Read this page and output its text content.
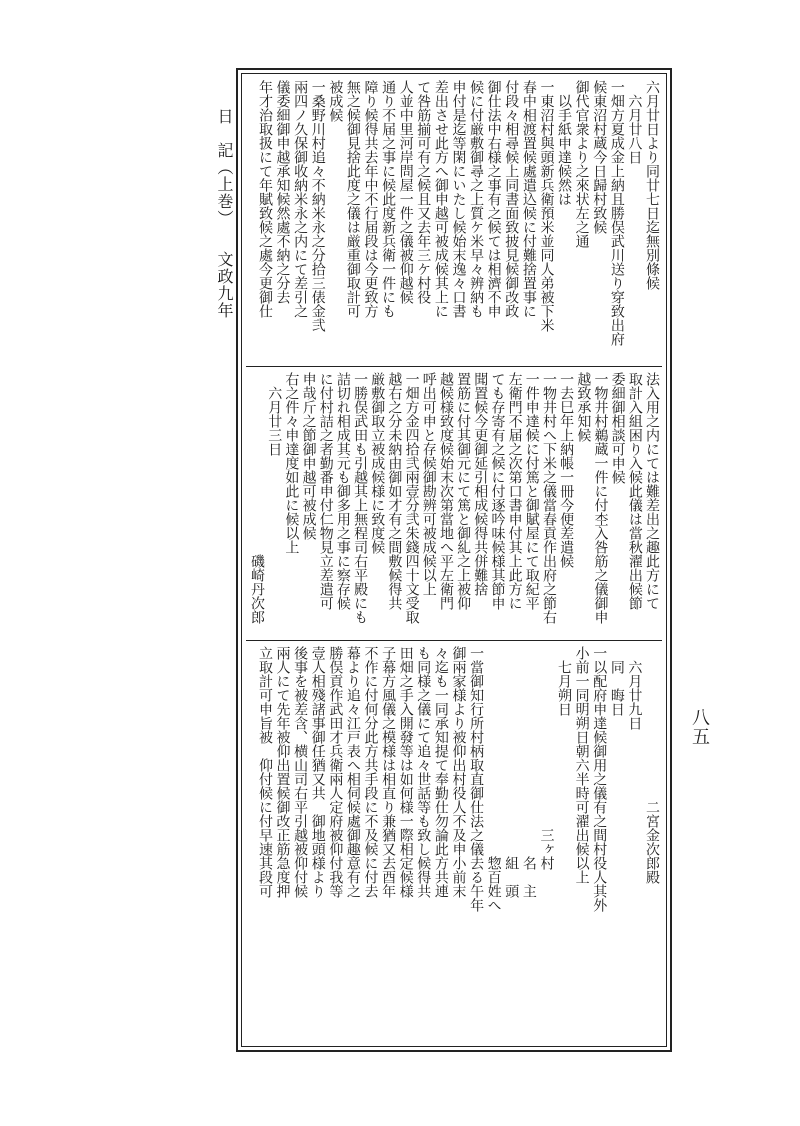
日　記（上巻）文政九年	六月廿日より同廿七日迄無別條候
　六月廿八日
一畑方夏成金上納且勝俣武川送り穿致出府
候東沼村蔵今日歸村致候
御代官衆より之來状左之通
　以手紙申達候然は
一東沼村與頭新兵衛預米並同人弟被下米
春中相渡置候處遣込候に付難捨置事に
付段々相尋候上同書面致披見候御改政
御仕法中右様之事有之候ては相濟不申
候に付厳敷御尋之上質ケ米早々辨納も
申付是迄等閑にいたし候始末逸々口書
差出させ此方へ御申越可被成候其上に
て咎筋揃可有之候且又去年三ケ村役
人並中里河岸問屋一件之儀被仰越候
通り不届之事に候此度新兵衛一件にも
障り候得共去年中不行届段は今更致方
無之候御見捨此度之儀は厳重御取計可
被成候
一桑野川村追々不納米永之分拾三俵金弐
兩四ノ久保御收納米永之内にて差引之
儀委細御申越承知候然處不納之分去
年才治取扱にて年賦致候之處今更御仕
法入用之内にては難差出之趣此方にて
取計入組困り入候此儀は當秋濯出候節
委細御相談可申候
一物井村鵜蔵一件に付杢入咎筋之儀御申
越致承知候
一去巳年上納帳一冊今便差遣候
一物井村へ下米之儀當春貢作出府之節右
一件申達候に付篤と御賦屋にて取紀平
左衛門不届之次第口書申付其上此方に
ても存寄有之候に付逐吟味候様其節申
聞置候今更御延引相成候得共併難捨
置筋に付其御元にて篤と御糺之上被仰
越候様致度候始末次第當地へ平左衛門
呼出可申と存候御勘辨可被成候以上
一畑方金四拾弐兩壹分弐朱錢四十文受取
越右之分未納由御如才有之間敷候得共
厳敷御取立被成候様に致度候
一勝俣武田も引越其上無程司右平殿にも
詰切れ相成其元も御多用之事に察存候
に付村詰之者勤番申付仁物見立差遣可
申哉斤之節御申越可被成候
右之件々申達度如此に候以上
　六月廿三日
　　　　　　　　　　　　　磯崎丹次郎
　　　　　　　　　　　二宮金次郎殿
　六月廿九日
　同　晦日
一以配府申達候御用之儀有之間村役人其外
小前一同明朔日朝六半時可濯出候以上
　七月朔日
　　　　　　　　　　　　　三ヶ村
　　　　　　　　　　　　　　　名　主
　　　　　　　　　　　　　　　組　頭
　　　　　　　　　　　　　　　惣百姓へ
一當御知行所村柄取直御仕法之儀去る午年
御兩家様より被仰出村役人不及申小前末
々迄も一同承知提て奉勤仕勿論此方共連
も同様之儀にて追々世話等も致し候得共
田畑之手入開發等は如何様一際相定候様
子幕方風儀之模様は相直り兼猶又去酉年
不作に付何分此方共手段に不及候に付去
幕より追々江戸表へ相伺候處御趣意有之
勝俣貢作武田才兵衛兩人定府被仰付我等
壹人相殘諸事御任猶又共　御地頭様より
後事を被差含、横山司右平引越被仰付候
兩人にて先年被仰出置候御改正筋急度押
立取計可申旨被　仰付候に付早速其段可	八五
